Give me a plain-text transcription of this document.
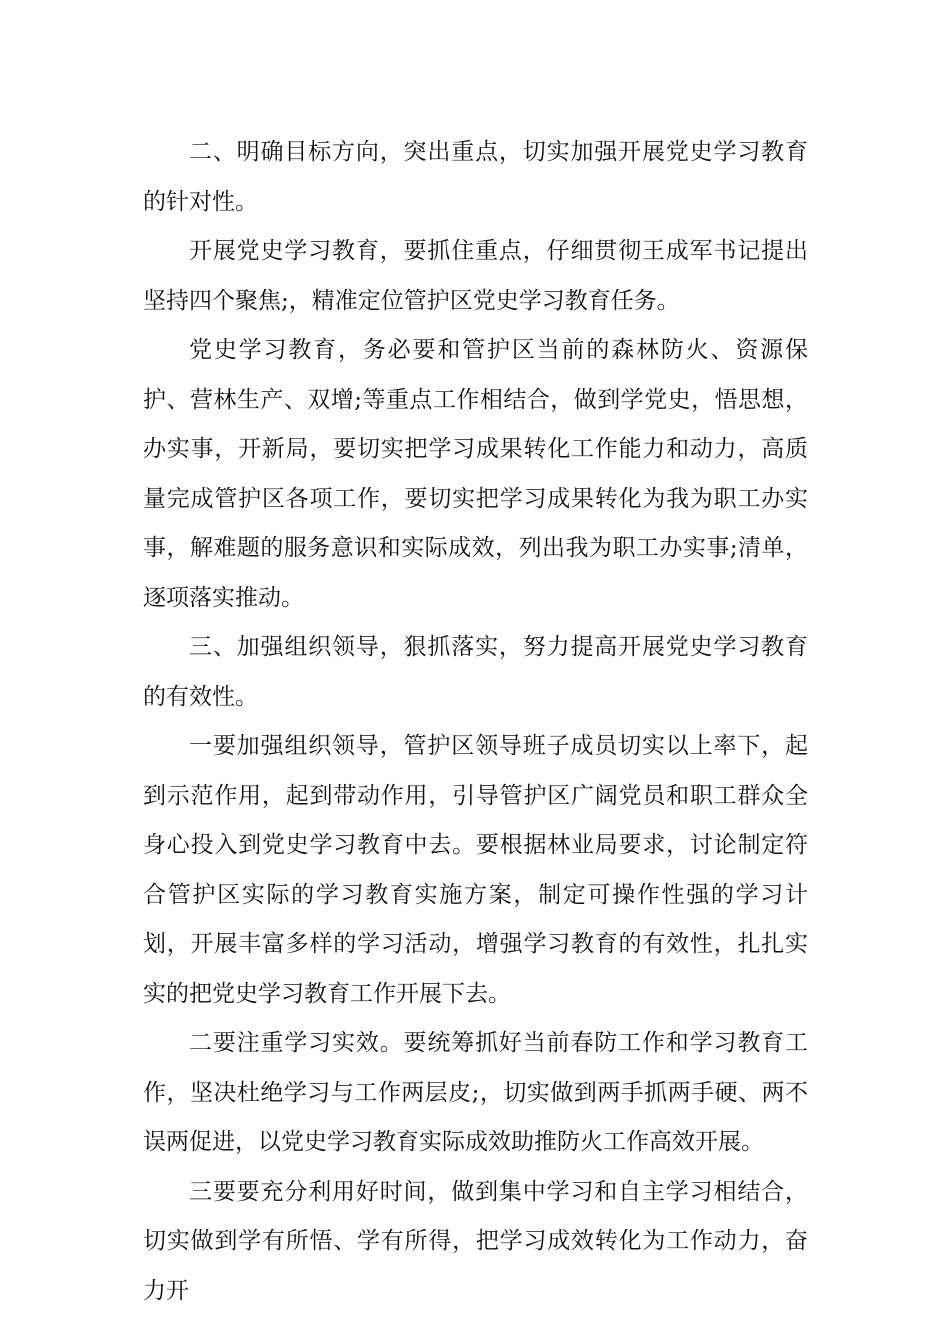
二、明确目标方向，突出重点，切实加强开展党史学习教育的针对性。

开展党史学习教育，要抓住重点，仔细贯彻王成军书记提出坚持四个聚焦;，精准定位管护区党史学习教育任务。

党史学习教育，务必要和管护区当前的森林防火、资源保护、营林生产、双增;等重点工作相结合，做到学党史，悟思想，办实事，开新局，要切实把学习成果转化工作能力和动力，高质量完成管护区各项工作，要切实把学习成果转化为我为职工办实事，解难题的服务意识和实际成效，列出我为职工办实事;清单，逐项落实推动。

三、加强组织领导，狠抓落实，努力提高开展党史学习教育的有效性。

一要加强组织领导，管护区领导班子成员切实以上率下，起到示范作用，起到带动作用，引导管护区广阔党员和职工群众全身心投入到党史学习教育中去。要根据林业局要求，讨论制定符合管护区实际的学习教育实施方案，制定可操作性强的学习计划，开展丰富多样的学习活动，增强学习教育的有效性，扎扎实实的把党史学习教育工作开展下去。

二要注重学习实效。要统筹抓好当前春防工作和学习教育工作，坚决杜绝学习与工作两层皮;，切实做到两手抓两手硬、两不误两促进，以党史学习教育实际成效助推防火工作高效开展。

三要要充分利用好时间，做到集中学习和自主学习相结合，切实做到学有所悟、学有所得，把学习成效转化为工作动力，奋力开
